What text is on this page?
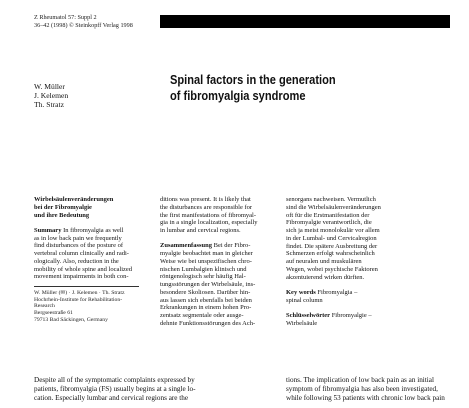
Z Rheumatol 57: Suppl 2
36–42 (1998) © Steinkopff Verlag 1998
W. Müller
J. Kelemen
Th. Stratz
Spinal factors in the generation
of fibromyalgia syndrome
Wirbelsäulenveränderungen
bei der Fibromyalgie
und ihre Bedeutung
Summary In fibromyalgia as well
as in low back pain we frequently
find disturbances of the posture of
vertebral column clinically and radi-
ologically. Also, reduction in the
mobility of whole spine and localized
movement impairments in both con-
W. Müller (✉) · J. Kelemen · Th. Stratz
Hochrhein-Institute for Rehabilitation-
Research
Bergseestraße 61
79713 Bad Säckingen, Germany
ditions was present. It is likely that
the disturbances are responsible for
the first manifestations of fibromyal-
gia in a single localization, especially
in lumbar and cervical regions.
Zusammenfassung Bei der Fibro-
myalgie beobachtet man in gleicher
Weise wie bei unspezifischen chro-
nischen Lumbalgien klinisch und
röntgenologisch sehr häufig Hal-
tungsstörungen der Wirbelsäule, ins-
besondere Skoliosen. Darüber hin-
aus lassen sich ebenfalls bei beiden
Erkrankungen in einem hohen Pro-
zentsatz segmentale oder ausge-
dehnte Funktionsstörungen des Ach-
senorgans nachweisen. Vermutlich
sind die Wirbelsäulenveränderungen
oft für die Erstmanifestation der
Fibromyalgie verantwortlich, die
sich ja meist monolokulär vor allem
in der Lumbal- und Cervicalregion
findet. Die spätere Ausbreitung der
Schmerzen erfolgt wahrscheinlich
auf neuralen und muskulären
Wegen, wobei psychische Faktoren
akzentuierend wirken dürften.
Key words Fibromyalgia –
spinal column
Schlüsselwörter Fibromyalgie –
Wirbelsäule
Despite all of the symptomatic complaints expressed by
patients, fibromyalgia (FS) usually begins at a single lo-
cation. Especially lumbar and cervical regions are the
tions. The implication of low back pain as an initial
symptom of fibromyalgia has also been investigated,
while following 53 patients with chronic low back pain
